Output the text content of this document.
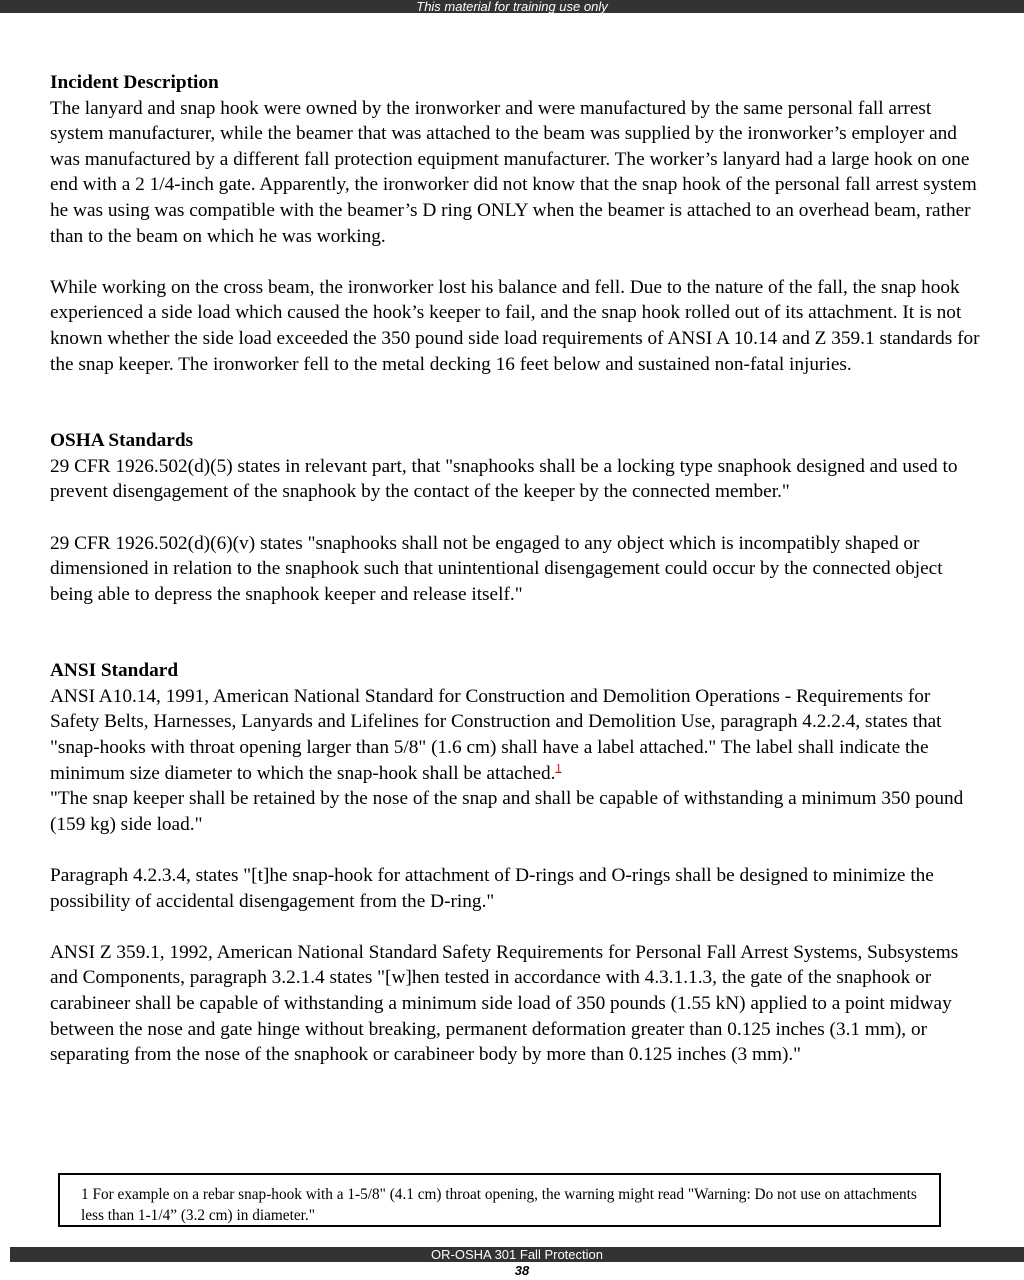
This material for training use only
Incident Description

The lanyard and snap hook were owned by the ironworker and were manufactured by the same personal fall arrest system manufacturer, while the beamer that was attached to the beam was supplied by the ironworker’s employer and was manufactured by a different fall protection equipment manufacturer. The worker’s lanyard had a large hook on one end with a 2 1/4-inch gate. Apparently, the ironworker did not know that the snap hook of the personal fall arrest system he was using was compatible with the beamer’s D ring ONLY when the beamer is attached to an overhead beam, rather than to the beam on which he was working.

While working on the cross beam, the ironworker lost his balance and fell. Due to the nature of the fall, the snap hook experienced a side load which caused the hook’s keeper to fail, and the snap hook rolled out of its attachment. It is not known whether the side load exceeded the 350 pound side load requirements of ANSI A 10.14 and Z 359.1 standards for the snap keeper. The ironworker fell to the metal decking 16 feet below and sustained non-fatal injuries.

OSHA Standards

29 CFR 1926.502(d)(5) states in relevant part, that "snaphooks shall be a locking type snaphook designed and used to prevent disengagement of the snaphook by the contact of the keeper by the connected member."

29 CFR 1926.502(d)(6)(v) states "snaphooks shall not be engaged to any object which is incompatibly shaped or dimensioned in relation to the snaphook such that unintentional disengagement could occur by the connected object being able to depress the snaphook keeper and release itself."

ANSI Standard

ANSI A10.14, 1991, American National Standard for Construction and Demolition Operations - Requirements for Safety Belts, Harnesses, Lanyards and Lifelines for Construction and Demolition Use, paragraph 4.2.2.4, states that "snap-hooks with throat opening larger than 5/8" (1.6 cm) shall have a label attached." The label shall indicate the minimum size diameter to which the snap-hook shall be attached.$^1$
"The snap keeper shall be retained by the nose of the snap and shall be capable of withstanding a minimum 350 pound (159 kg) side load."

Paragraph 4.2.3.4, states "[t]he snap-hook for attachment of D-rings and O-rings shall be designed to minimize the possibility of accidental disengagement from the D-ring."

ANSI Z 359.1, 1992, American National Standard Safety Requirements for Personal Fall Arrest Systems, Subsystems and Components, paragraph 3.2.1.4 states "[w]hen tested in accordance with 4.3.1.1.3, the gate of the snaphook or carabineer shall be capable of withstanding a minimum side load of 350 pounds (1.55 kN) applied to a point midway between the nose and gate hinge without breaking, permanent deformation greater than 0.125 inches (3.1 mm), or separating from the nose of the snaphook or carabineer body by more than 0.125 inches (3 mm)."

1 For example on a rebar snap-hook with a 1-5/8" (4.1 cm) throat opening, the warning might read "Warning: Do not use on attachments less than 1-1/4” (3.2 cm) in diameter."
OR-OSHA 301 Fall Protection
38
